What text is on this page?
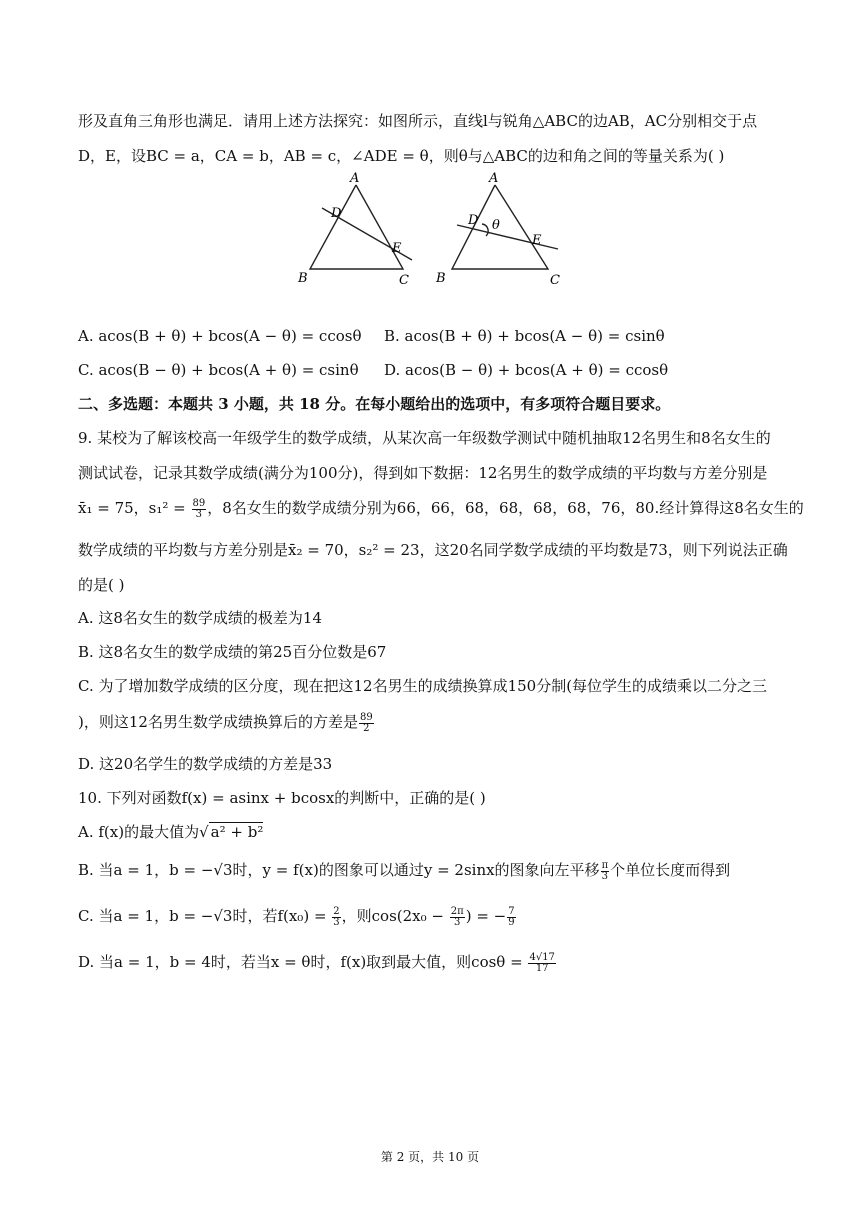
形及直角三角形也满足．请用上述方法探究：如图所示，直线l与锐角△ABC的边AB，AC分别相交于点
D，E，设BC = a，CA = b，AB = c，∠ADE = θ，则θ与△ABC的边和角之间的等量关系为( )
A
B	C
D
E
A
B	C
D
E
θ
A. acos(B + θ) + bcos(A − θ) = ccosθ B. acos(B + θ) + bcos(A − θ) = csinθ
C. acos(B − θ) + bcos(A + θ) = csinθ D. acos(B − θ) + bcos(A + θ) = ccosθ
二、多选题：本题共 3 小题，共 18 分。在每小题给出的选项中，有多项符合题目要求。
9. 某校为了解该校高一年级学生的数学成绩，从某次高一年级数学测试中随机抽取12名男生和8名女生的
测试试卷，记录其数学成绩(满分为100分)，得到如下数据：12名男生的数学成绩的平均数与方差分别是
x̄₁ = 75，$s_1^2 = \frac{89}{3}$ ，8名女生的数学成绩分别为66，66，68，68，68，68，76，80.经计算得这8名女生的
数学成绩的平均数与方差分别是x̄₂ = 70，s₂² = 23，这20名同学数学成绩的平均数是73，则下列说法正确
的是( )
A. 这8名女生的数学成绩的极差为14
B. 这8名女生的数学成绩的第25百分位数是67
C. 为了增加数学成绩的区分度，现在把这12名男生的成绩换算成150分制(每位学生的成绩乘以二分之三
)，则这12名男生数学成绩换算后的方差是 $\frac{89}{2}$
D. 这20名学生的数学成绩的方差是33
10. 下列对函数f(x) = asinx + bcosx的判断中，正确的是( )
A. f(x)的最大值为√ a² + b²
B. 当a = 1，b = −√3时，y = f(x)的图象可以通过y = 2sinx的图象向左平移 $\frac{\pi}{3}$ 个单位长度而得到
C. 当a = 1，b = −√3时，若$f(x_0) = \frac{2}{3}$ ，则$\cos(2x_0 - \frac{2\pi}{3}$ ) = − $\frac{7}{9}$
D. 当a = 1，b = 4时，若当x = θ时，f(x)取到最大值，则$\cos\theta = \frac{4√17}{17}$
第 2 页，共 10 页
